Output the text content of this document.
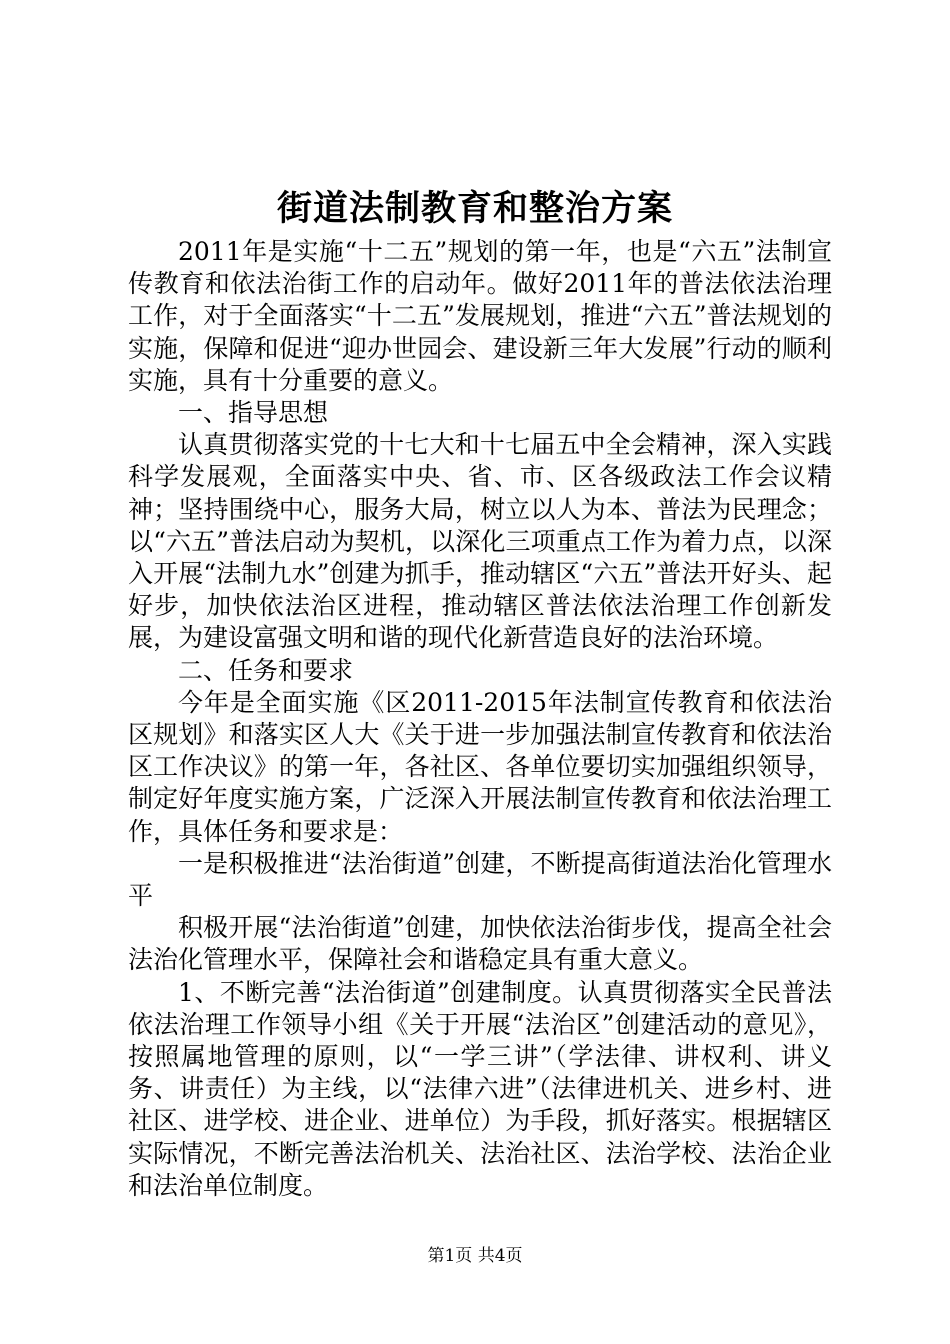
街道法制教育和整治方案

2011年是实施“十二五”规划的第一年，也是“六五”法制宣传教育和依法治街工作的启动年。做好2011年的普法依法治理工作，对于全面落实“十二五”发展规划，推进“六五”普法规划的实施，保障和促进“迎办世园会、建设新三年大发展”行动的顺利实施，具有十分重要的意义。

一、指导思想

认真贯彻落实党的十七大和十七届五中全会精神，深入实践科学发展观，全面落实中央、省、市、区各级政法工作会议精神；坚持围绕中心，服务大局，树立以人为本、普法为民理念；以“六五”普法启动为契机，以深化三项重点工作为着力点，以深入开展“法制九水”创建为抓手，推动辖区“六五”普法开好头、起好步，加快依法治区进程，推动辖区普法依法治理工作创新发展，为建设富强文明和谐的现代化新营造良好的法治环境。

二、任务和要求

今年是全面实施《区2011-2015年法制宣传教育和依法治区规划》和落实区人大《关于进一步加强法制宣传教育和依法治区工作决议》的第一年，各社区、各单位要切实加强组织领导，制定好年度实施方案，广泛深入开展法制宣传教育和依法治理工作，具体任务和要求是：

一是积极推进“法治街道”创建，不断提高街道法治化管理水平

积极开展“法治街道”创建，加快依法治街步伐，提高全社会法治化管理水平，保障社会和谐稳定具有重大意义。

1、不断完善“法治街道”创建制度。认真贯彻落实全民普法依法治理工作领导小组《关于开展“法治区”创建活动的意见》，按照属地管理的原则，以“一学三讲”（学法律、讲权利、讲义务、讲责任）为主线，以“法律六进”（法律进机关、进乡村、进社区、进学校、进企业、进单位）为手段，抓好落实。根据辖区实际情况，不断完善法治机关、法治社区、法治学校、法治企业和法治单位制度。

第1页 共4页
